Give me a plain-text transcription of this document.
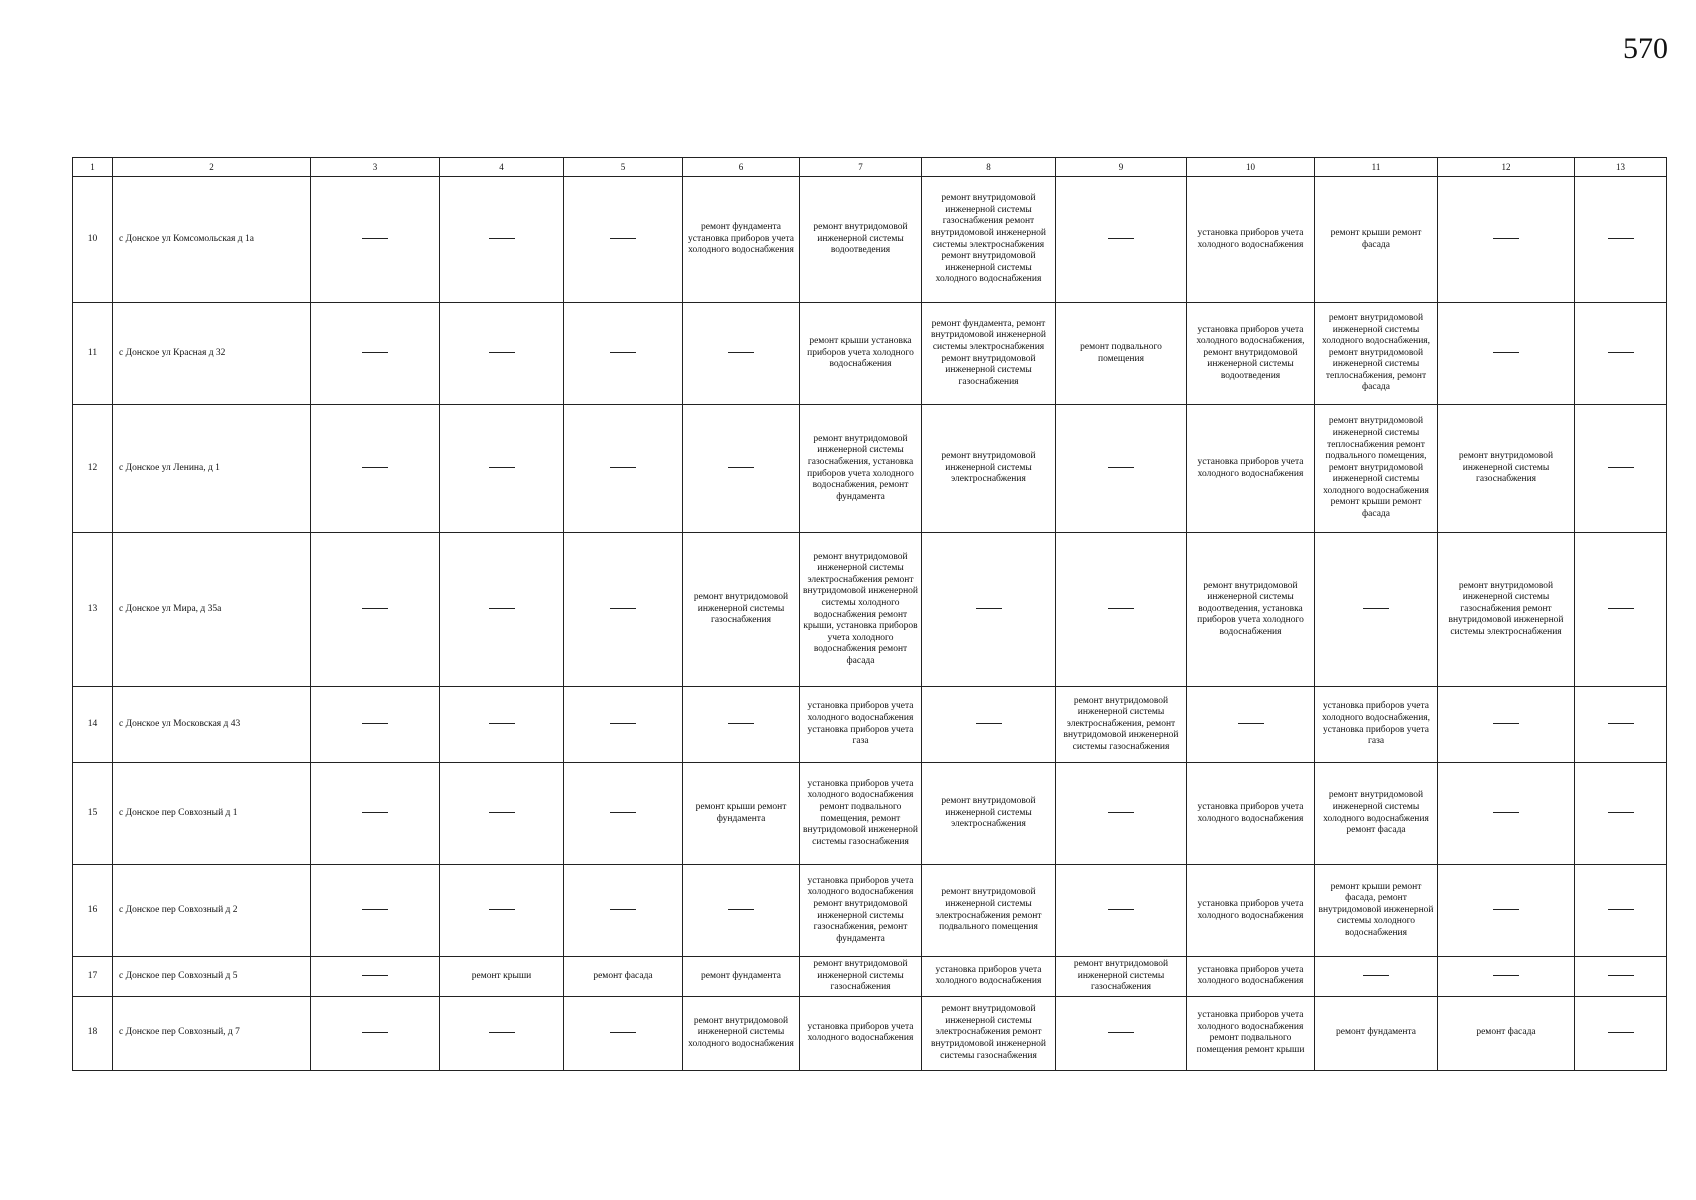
570
1	2	3	4	5	6	7	8	9	10	11	12	13
10	с Донское ул Комсомольская д 1а				ремонт фундамента установка приборов учета холодного водоснабжения	ремонт внутридомовой инженерной системы водоотведения	ремонт внутридомовой инженерной системы газоснабжения ремонт внутридомовой инженерной системы электроснабжения ремонт внутридомовой инженерной системы холодного водоснабжения		установка приборов учета холодного водоснабжения	ремонт крыши ремонт фасада		
11	с Донское ул Красная д 32					ремонт крыши установка приборов учета холодного водоснабжения	ремонт фундамента, ремонт внутридомовой инженерной системы электроснабжения ремонт внутридомовой инженерной системы газоснабжения	ремонт подвального помещения	установка приборов учета холодного водоснабжения, ремонт внутридомовой инженерной системы водоотведения	ремонт внутридомовой инженерной системы холодного водоснабжения, ремонт внутридомовой инженерной системы теплоснабжения, ремонт фасада		
12	с Донское ул Ленина, д 1					ремонт внутридомовой инженерной системы газоснабжения, установка приборов учета холодного водоснабжения, ремонт фундамента	ремонт внутридомовой инженерной системы электроснабжения		установка приборов учета холодного водоснабжения	ремонт внутридомовой инженерной системы теплоснабжения ремонт подвального помещения, ремонт внутридомовой инженерной системы холодного водоснабжения ремонт крыши ремонт фасада	ремонт внутридомовой инженерной системы газоснабжения	
13	с Донское ул Мира, д 35а				ремонт внутридомовой инженерной системы газоснабжения	ремонт внутридомовой инженерной системы электроснабжения ремонт внутридомовой инженерной системы холодного водоснабжения ремонт крыши, установка приборов учета холодного водоснабжения ремонт фасада			ремонт внутридомовой инженерной системы водоотведения, установка приборов учета холодного водоснабжения		ремонт внутридомовой инженерной системы газоснабжения ремонт внутридомовой инженерной системы электроснабжения	
14	с Донское ул Московская д 43					установка приборов учета холодного водоснабжения установка приборов учета газа		ремонт внутридомовой инженерной системы электроснабжения, ремонт внутридомовой инженерной системы газоснабжения		установка приборов учета холодного водоснабжения, установка приборов учета газа		
15	с Донское пер Совхозный д 1				ремонт крыши ремонт фундамента	установка приборов учета холодного водоснабжения ремонт подвального помещения, ремонт внутридомовой инженерной системы газоснабжения	ремонт внутридомовой инженерной системы электроснабжения		установка приборов учета холодного водоснабжения	ремонт внутридомовой инженерной системы холодного водоснабжения ремонт фасада		
16	с Донское пер Совхозный д 2					установка приборов учета холодного водоснабжения ремонт внутридомовой инженерной системы газоснабжения, ремонт фундамента	ремонт внутридомовой инженерной системы электроснабжения ремонт подвального помещения		установка приборов учета холодного водоснабжения	ремонт крыши ремонт фасада, ремонт внутридомовой инженерной системы холодного водоснабжения		
17	с Донское пер Совхозный д 5		ремонт крыши	ремонт фасада	ремонт фундамента	ремонт внутридомовой инженерной системы газоснабжения	установка приборов учета холодного водоснабжения	ремонт внутридомовой инженерной системы газоснабжения	установка приборов учета холодного водоснабжения			
18	с Донское пер Совхозный, д 7				ремонт внутридомовой инженерной системы холодного водоснабжения	установка приборов учета холодного водоснабжения	ремонт внутридомовой инженерной системы электроснабжения ремонт внутридомовой инженерной системы газоснабжения		установка приборов учета холодного водоснабжения ремонт подвального помещения ремонт крыши	ремонт фундамента	ремонт фасада	
